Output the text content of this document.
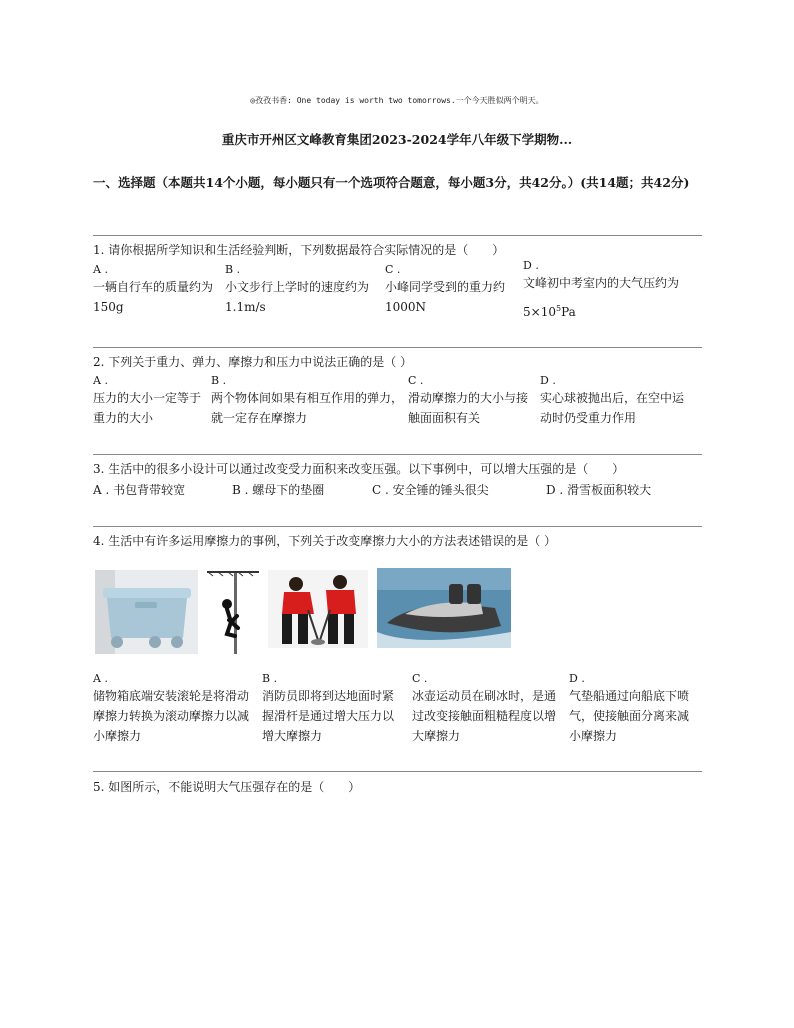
◎孜孜书香: One today is worth two tomorrows.一个今天胜似两个明天。
重庆市开州区文峰教育集团2023-2024学年八年级下学期物...
一、选择题（本题共14个小题，每小题只有一个选项符合题意，每小题3分，共42分。）(共14题；共42分)
1. 请你根据所学知识和生活经验判断，下列数据最符合实际情况的是（　　）
A .
一辆自行车的质量约为150g
B .
小文步行上学时的速度约为1.1m/s
C .
小峰同学受到的重力约1000N
D .
文峰初中考室内的大气压约为
$5\times 10^5Pa$
2. 下列关于重力、弹力、摩擦力和压力中说法正确的是（ ）
A .
压力的大小一定等于重力的大小
B .
两个物体间如果有相互作用的弹力，就一定存在摩擦力
C .
滑动摩擦力的大小与接触面面积有关
D .
实心球被抛出后，在空中运动时仍受重力作用
3. 生活中的很多小设计可以通过改变受力面积来改变压强。以下事例中，可以增大压强的是（　　）
A . 书包背带较宽	B . 螺母下的垫圈	C . 安全锤的锤头很尖	D . 滑雪板面积较大
4. 生活中有许多运用摩擦力的事例，下列关于改变摩擦力大小的方法表述错误的是（ ）
A .
储物箱底端安装滚轮是将滑动摩擦力转换为滚动摩擦力以减小摩擦力
B .
消防员即将到达地面时紧握滑杆是通过增大压力以增大摩擦力
C .
冰壶运动员在刷冰时，是通过改变接触面粗糙程度以增大摩擦力
D .
气垫船通过向船底下喷气，使接触面分离来减小摩擦力
5. 如图所示，不能说明大气压强存在的是（　　）
